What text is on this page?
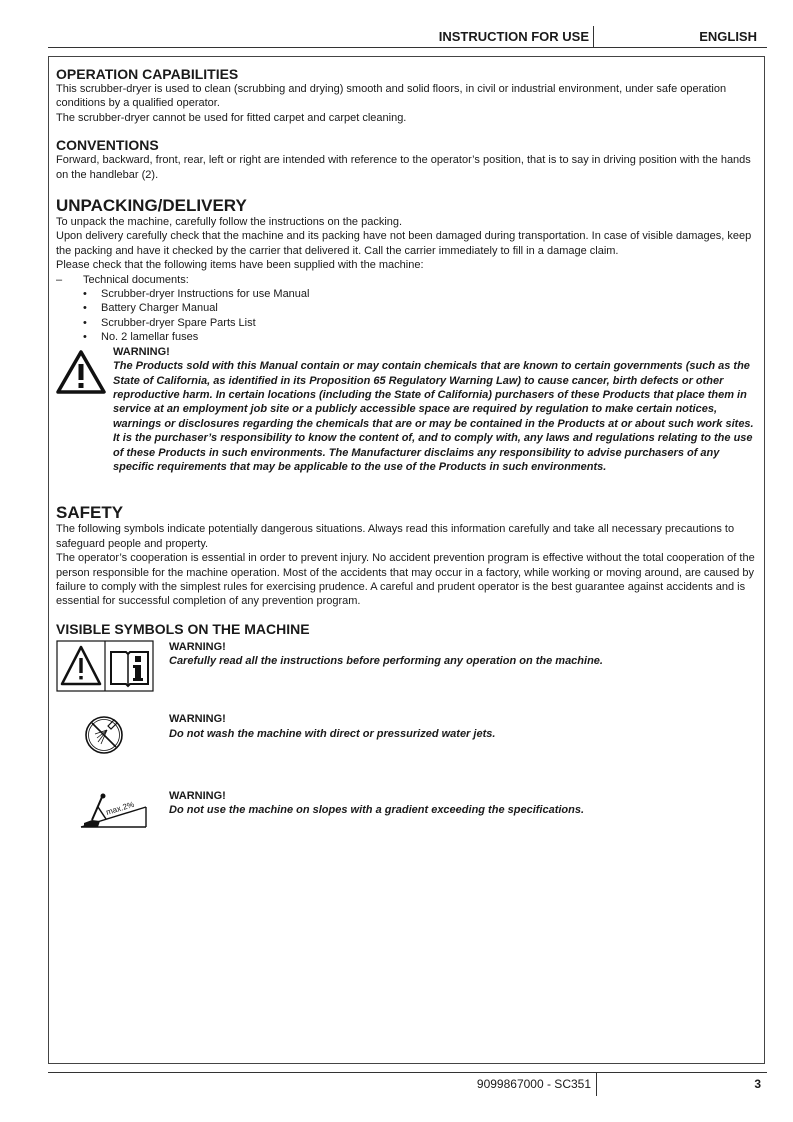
INSTRUCTION FOR USE	ENGLISH
OPERATION CAPABILITIES

This scrubber-dryer is used to clean (scrubbing and drying) smooth and solid floors, in civil or industrial environment, under safe operation conditions by a qualified operator.

The scrubber-dryer cannot be used for fitted carpet and carpet cleaning.

CONVENTIONS

Forward, backward, front, rear, left or right are intended with reference to the operator’s position, that is to say in driving position with the hands on the handlebar (2).

UNPACKING/DELIVERY

To unpack the machine, carefully follow the instructions on the packing.

Upon delivery carefully check that the machine and its packing have not been damaged during transportation. In case of visible damages, keep the packing and have it checked by the carrier that delivered it. Call the carrier immediately to fill in a damage claim.

Please check that the following items have been supplied with the machine:

– Technical documents:

• Scrubber-dryer Instructions for use Manual
• Battery Charger Manual
• Scrubber-dryer Spare Parts List
• No. 2 lamellar fuses
WARNING!
The Products sold with this Manual contain or may contain chemicals that are known to certain governments (such as the State of California, as identified in its Proposition 65 Regulatory Warning Law) to cause cancer, birth defects or other reproductive harm. In certain locations (including the State of California) purchasers of these Products that place them in service at an employment job site or a publicly accessible space are required by regulation to make certain notices, warnings or disclosures regarding the chemicals that are or may be contained in the Products at or about such work sites. It is the purchaser’s responsibility to know the content of, and to comply with, any laws and regulations relating to the use of these Products in such environments. The Manufacturer disclaims any responsibility to advise purchasers of any specific requirements that may be applicable to the use of the Products in such environments.
SAFETY

The following symbols indicate potentially dangerous situations. Always read this information carefully and take all necessary precautions to safeguard people and property.

The operator’s cooperation is essential in order to prevent injury. No accident prevention program is effective without the total cooperation of the person responsible for the machine operation. Most of the accidents that may occur in a factory, while working or moving around, are caused by failure to comply with the simplest rules for exercising prudence. A careful and prudent operator is the best guarantee against accidents and is essential for successful completion of any prevention program.

VISIBLE SYMBOLS ON THE MACHINE
WARNING!
Carefully read all the instructions before performing any operation on the machine.
WARNING!
Do not wash the machine with direct or pressurized water jets.
max.2%
WARNING!
Do not use the machine on slopes with a gradient exceeding the specifications.
9099867000 - SC351	3
